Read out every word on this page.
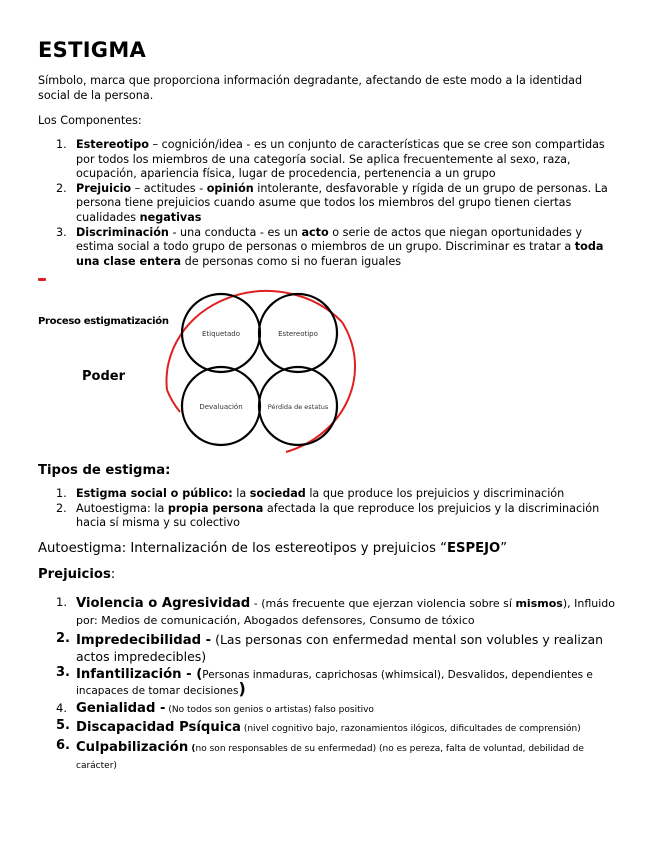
ESTIGMA

Símbolo, marca que proporciona información degradante, afectando de este modo a la identidad social de la persona.

Los Componentes:

1. Estereotipo – cognición/idea - es un conjunto de características que se cree son compartidas por todos los miembros de una categoría social. Se aplica frecuentemente al sexo, raza, ocupación, apariencia física, lugar de procedencia, pertenencia a un grupo
2. Prejuicio – actitudes - opinión intolerante, desfavorable y rígida de un grupo de personas. La persona tiene prejuicios cuando asume que todos los miembros del grupo tienen ciertas cualidades negativas
3. Discriminación - una conducta - es un acto o serie de actos que niegan oportunidades y estima social a todo grupo de personas o miembros de un grupo. Discriminar es tratar a toda una clase entera de personas como si no fueran iguales
Proceso estigmatización
Poder
Etiquetado	Estereotipo
Devaluación	Pérdida de estatus

Tipos de estigma:

1. Estigma social o público: la sociedad la que produce los prejuicios y discriminación
2. Autoestigma: la propia persona afectada la que reproduce los prejuicios y la discriminación hacia sí misma y su colectivo

Autoestigma: Internalización de los estereotipos y prejuicios “ESPEJO”

Prejuicios:

1. Violencia o Agresividad - (más frecuente que ejerzan violencia sobre sí mismos), Influido por: Medios de comunicación, Abogados defensores, Consumo de tóxico
2. Impredecibilidad - (Las personas con enfermedad mental son volubles y realizan actos impredecibles)
3. Infantilización - (Personas inmaduras, caprichosas (whimsical), Desvalidos, dependientes e incapaces de tomar decisiones)
4. Genialidad - (No todos son genios o artistas) falso positivo
5. Discapacidad Psíquica (nivel cognitivo bajo, razonamientos ilógicos, dificultades de comprensión)
6. Culpabilización (no son responsables de su enfermedad) (no es pereza, falta de voluntad, debilidad de carácter)
